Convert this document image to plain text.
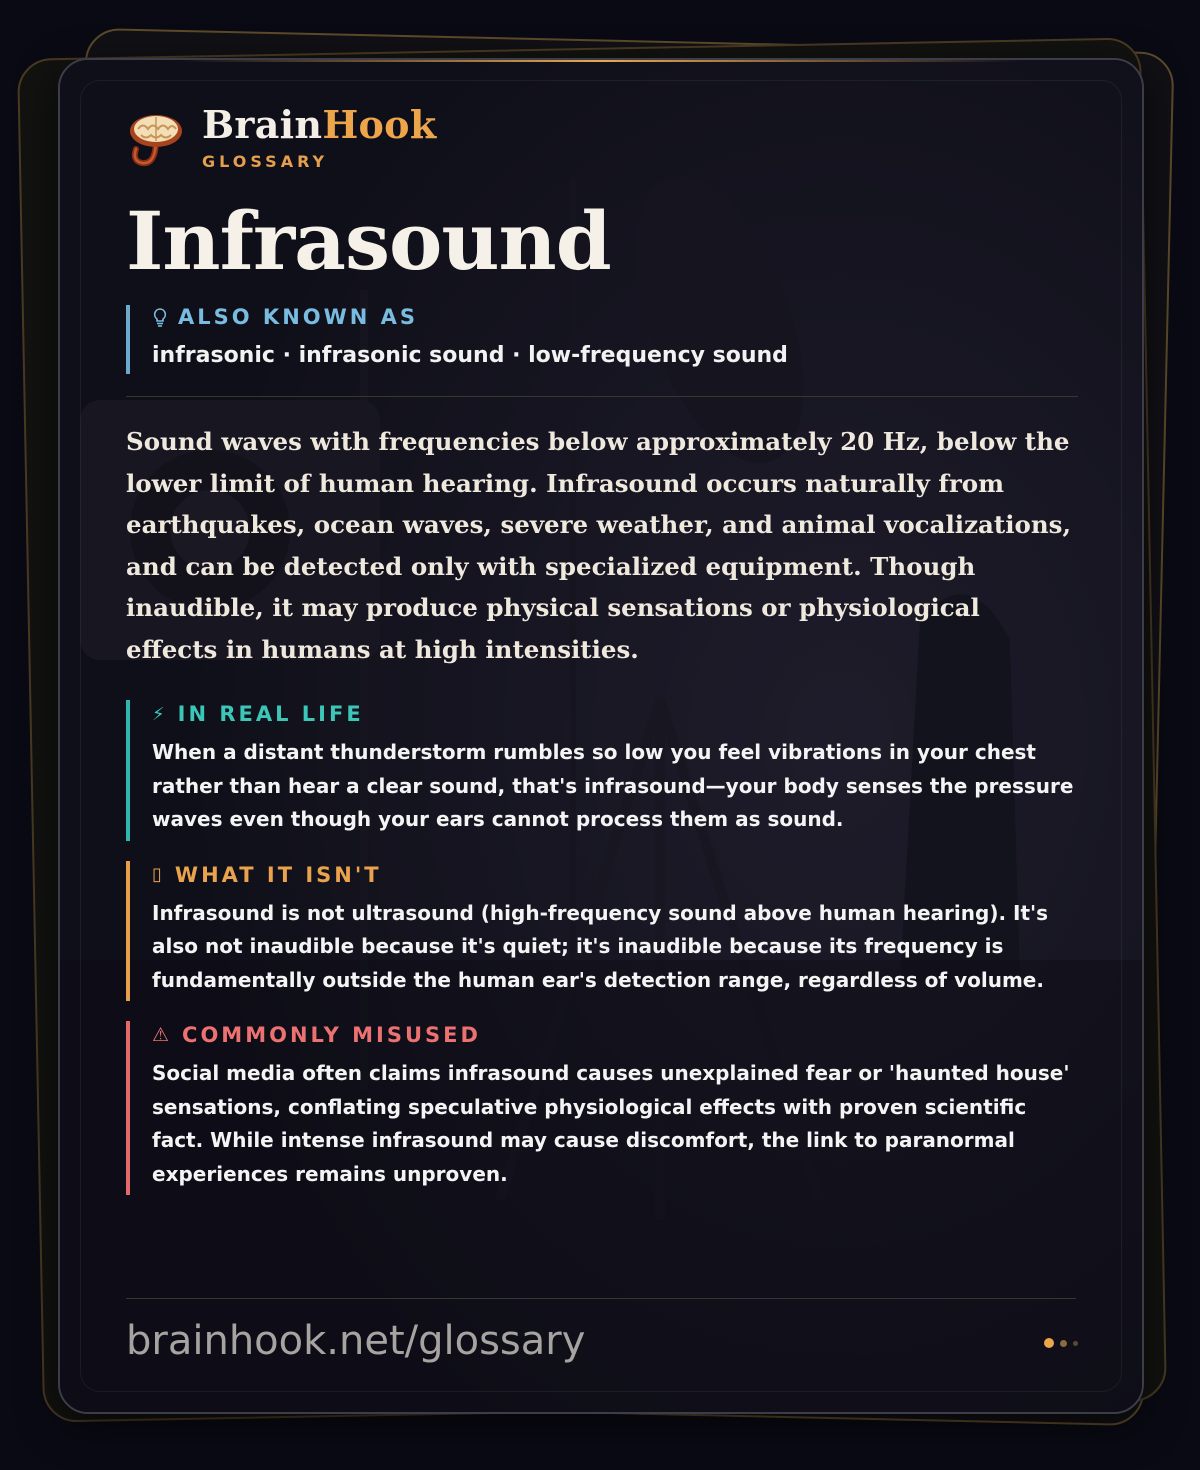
BrainHook
GLOSSARY
Infrasound
ALSO KNOWN AS
infrasonic · infrasonic sound · low-frequency sound

Sound waves with frequencies below approximately 20 Hz, below the lower limit of human hearing. Infrasound occurs naturally from earthquakes, ocean waves, severe weather, and animal vocalizations, and can be detected only with specialized equipment. Though inaudible, it may produce physical sensations or physiological effects in humans at high intensities.

⚡ IN REAL LIFE
When a distant thunderstorm rumbles so low you feel vibrations in your chest rather than hear a clear sound, that's infrasound—your body senses the pressure waves even though your ears cannot process them as sound.
▯ WHAT IT ISN'T
Infrasound is not ultrasound (high-frequency sound above human hearing). It's also not inaudible because it's quiet; it's inaudible because its frequency is fundamentally outside the human ear's detection range, regardless of volume.
⚠ COMMONLY MISUSED
Social media often claims infrasound causes unexplained fear or 'haunted house' sensations, conflating speculative physiological effects with proven scientific fact. While intense infrasound may cause discomfort, the link to paranormal experiences remains unproven.
brainhook.net/glossary
